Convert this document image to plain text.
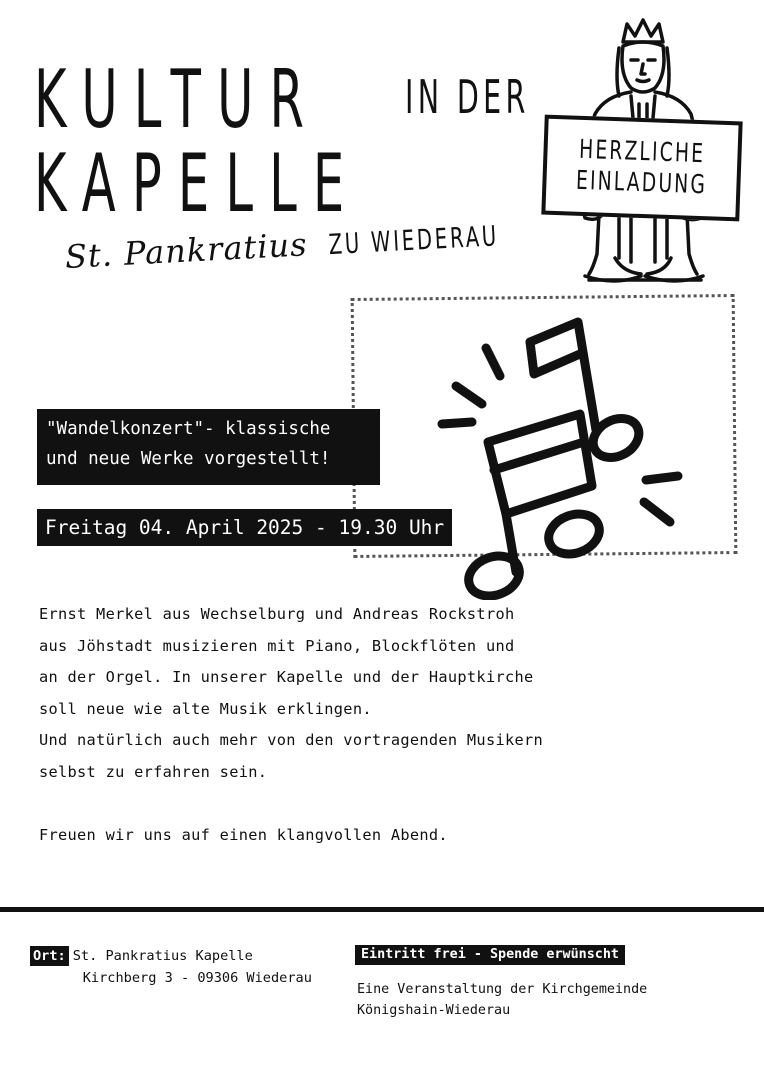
KULTUR IN DER
KAPELLE
St. Pankratius ZU WIEDERAU
HERZLICHE
EINLADUNG
"Wandelkonzert"- klassische
und neue Werke vorgestellt!
Freitag 04. April 2025 - 19.30 Uhr

Ernst Merkel aus Wechselburg und Andreas Rockstroh

aus Jöhstadt musizieren mit Piano, Blockflöten und

an der Orgel. In unserer Kapelle und der Hauptkirche

soll neue wie alte Musik erklingen.

Und natürlich auch mehr von den vortragenden Musikern

selbst zu erfahren sein.

Freuen wir uns auf einen klangvollen Abend.

Ort: St. Pankratius Kapelle
Kirchberg 3 - 09306 Wiederau
Eintritt frei - Spende erwünscht
Eine Veranstaltung der Kirchgemeinde
Königshain-Wiederau
